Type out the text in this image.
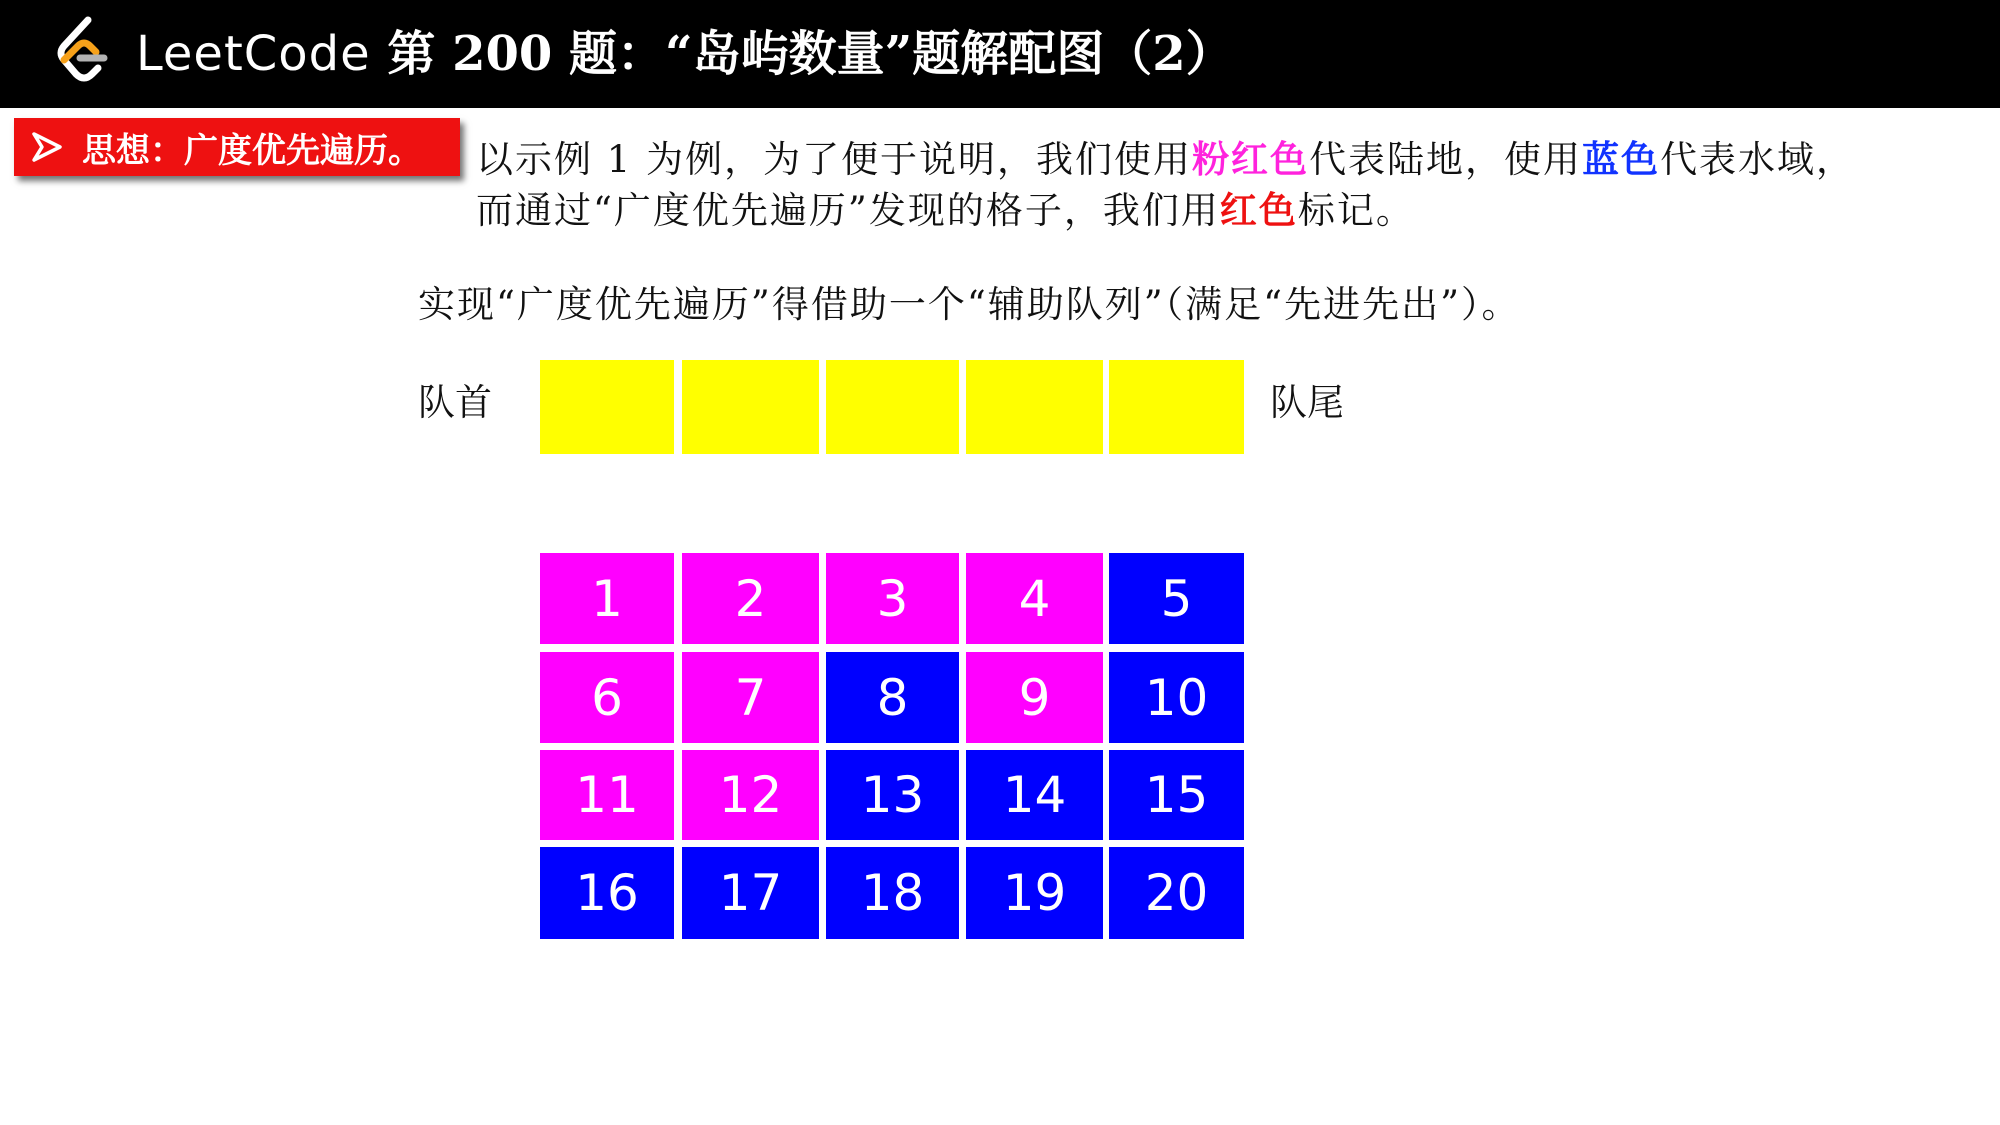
LeetCode 第 200 题：“岛屿数量”题解配图（2）
思想：广度优先遍历。 以示例 1 为例，为了便于说明，我们使用粉红色代表陆地，使用蓝色代表水域，
而通过“广度优先遍历”发现的格子，我们用红色标记。
实现“广度优先遍历”得借助一个“辅助队列”（满足“先进先出”）。
队首	队尾
1	2	3	4	5
6	7	8	9	10
11	12	13	14	15
16	17	18	19	20
